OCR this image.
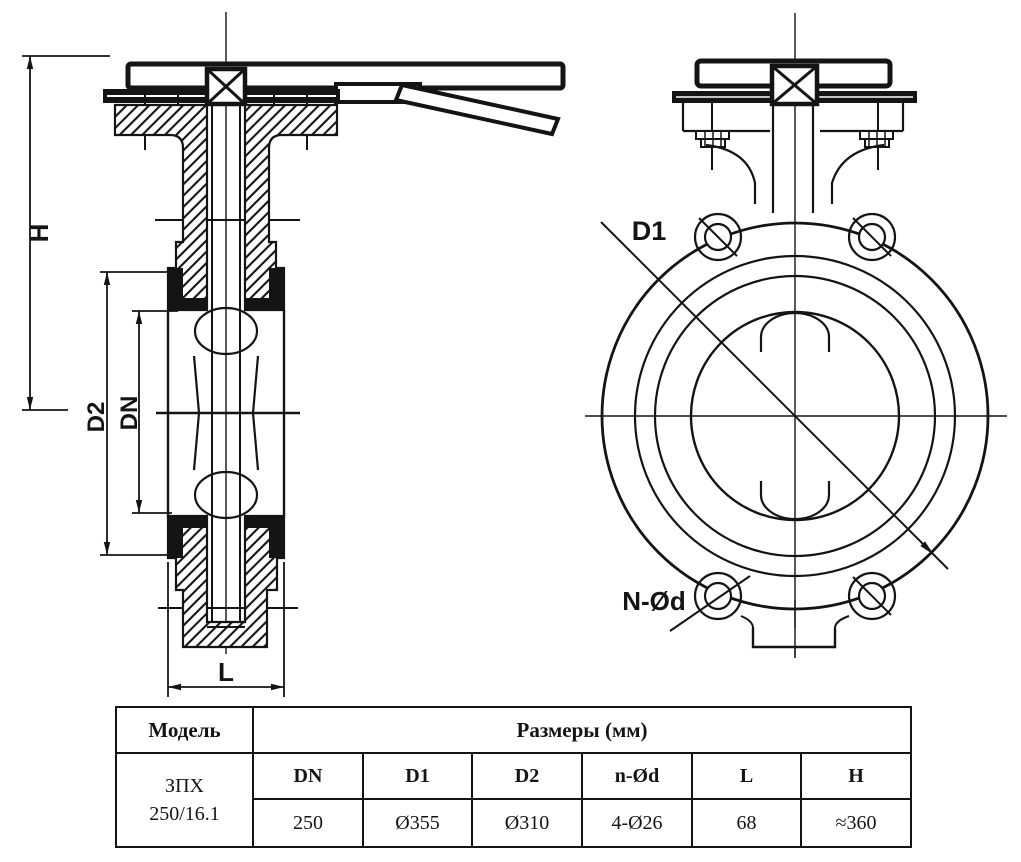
H
D2 DN
L
D1
N-Ød
Модель	Размеры (мм)					

ЗПХ
250/16.1	DN	D1	D2	n-Ød	L	H
	250	Ø355	Ø310	4-Ø26	68	≈360
